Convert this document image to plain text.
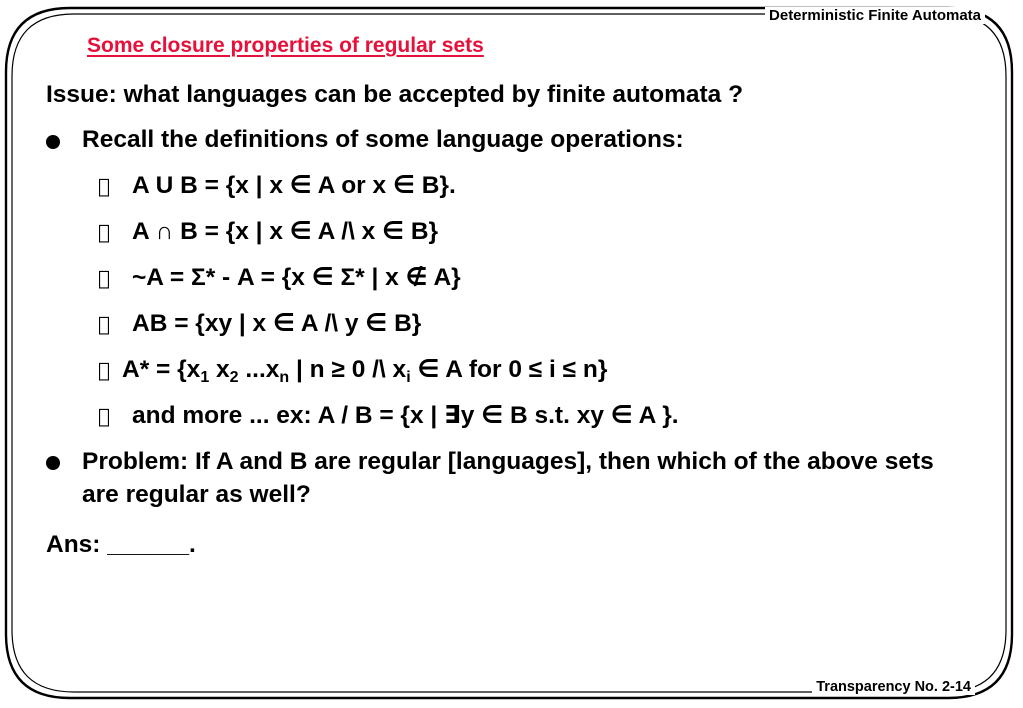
Deterministic Finite Automata
Some closure properties of regular sets
Issue: what languages can be accepted by finite automata ?
Recall the definitions of some language operations:
A U B = {x | x ∈ A or x ∈ B}.
A ∩ B = {x | x ∈ A /\ x ∈ B}
~A = Σ* - A = {x ∈ Σ* | x ∉ A}
AB = {xy | x ∈ A /\ y ∈ B}
$A* = \{x_1$ $x_2$ $...x_n$ | n ≥ 0 /\ $x_i$ ∈ A for 0 ≤ i ≤ n}
and more ... ex: A / B = {x | ∃y ∈ B s.t. xy ∈ A }.
Problem: If A and B are regular [languages], then which of the above sets are regular as well?
Ans: ______.
Transparency No. 2-14
